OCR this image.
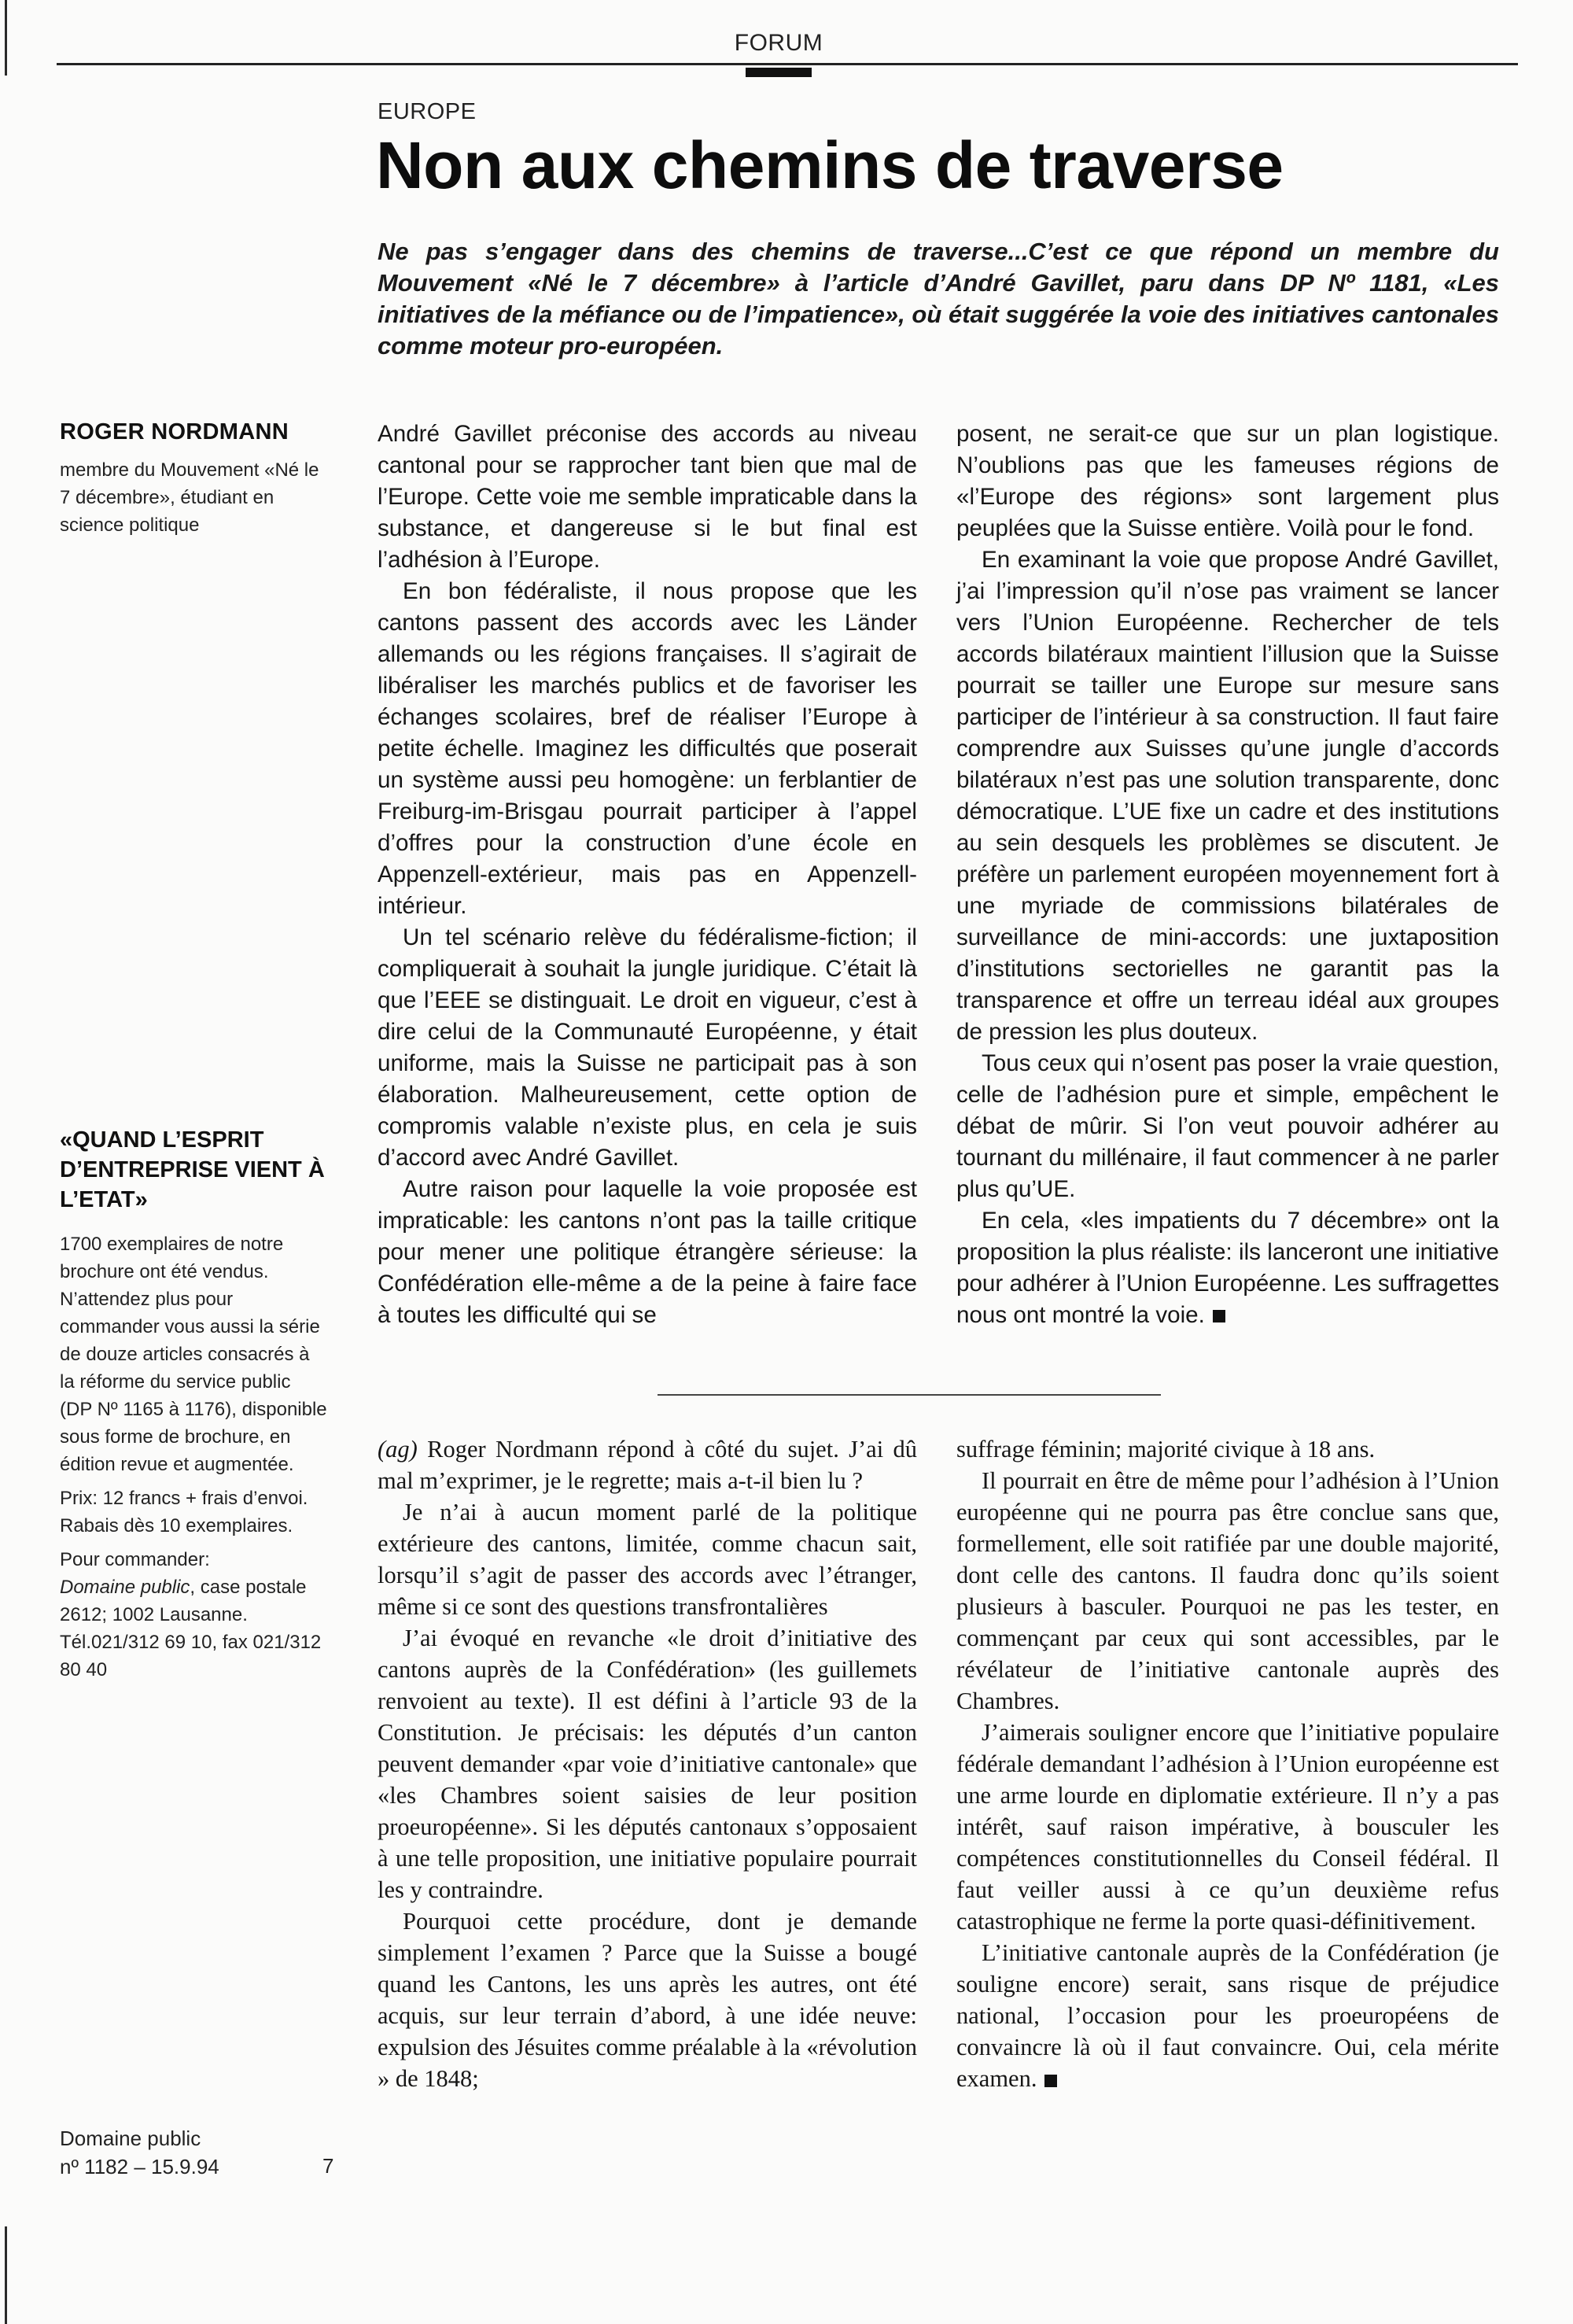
FORUM
EUROPE
Non aux chemins de traverse
Ne pas s’engager dans des chemins de traverse...C’est ce que répond un membre du Mouvement «Né le 7 décembre» à l’article d’André Gavillet, paru dans DP Nº 1181, «Les initiatives de la méfiance ou de l’impatience», où était suggérée la voie des initiatives cantonales comme moteur pro-européen.
ROGER NORDMANN
membre du Mouvement «Né le 7 décembre», étudiant en science politique
«QUAND L’ESPRIT D’ENTREPRISE VIENT À L’ETAT»

1700 exemplaires de notre brochure ont été vendus. N’attendez plus pour commander vous aussi la série de douze articles consacrés à la réforme du service public (DP Nº 1165 à 1176), disponible sous forme de brochure, en édition revue et augmentée.

Prix: 12 francs + frais d’envoi. Rabais dès 10 exemplaires.

Pour commander:
Domaine public, case postale 2612; 1002 Lausanne. Tél.021/312 69 10, fax 021/312 80 40

Domaine public
nº 1182 – 15.9.94	7

André Gavillet préconise des accords au niveau cantonal pour se rapprocher tant bien que mal de l’Europe. Cette voie me semble impraticable dans la substance, et dangereuse si le but final est l’adhésion à l’Europe.

En bon fédéraliste, il nous propose que les cantons passent des accords avec les Länder allemands ou les régions françaises. Il s’agirait de libéraliser les marchés publics et de favoriser les échanges scolaires, bref de réaliser l’Europe à petite échelle. Imaginez les difficultés que poserait un système aussi peu homogène: un ferblantier de Freiburg-im-Brisgau pourrait participer à l’appel d’offres pour la construction d’une école en Appenzell-extérieur, mais pas en Appenzell-intérieur.

Un tel scénario relève du fédéralisme-fiction; il compliquerait à souhait la jungle juridique. C’était là que l’EEE se distinguait. Le droit en vigueur, c’est à dire celui de la Communauté Européenne, y était uniforme, mais la Suisse ne participait pas à son élaboration. Malheureusement, cette option de compromis valable n’existe plus, en cela je suis d’accord avec André Gavillet.

Autre raison pour laquelle la voie proposée est impraticable: les cantons n’ont pas la taille critique pour mener une politique étrangère sérieuse: la Confédération elle-même a de la peine à faire face à toutes les difficulté qui se

posent, ne serait-ce que sur un plan logistique. N’oublions pas que les fameuses régions de «l’Europe des régions» sont largement plus peuplées que la Suisse entière. Voilà pour le fond.

En examinant la voie que propose André Gavillet, j’ai l’impression qu’il n’ose pas vraiment se lancer vers l’Union Européenne. Rechercher de tels accords bilatéraux maintient l’illusion que la Suisse pourrait se tailler une Europe sur mesure sans participer de l’intérieur à sa construction. Il faut faire comprendre aux Suisses qu’une jungle d’accords bilatéraux n’est pas une solution transparente, donc démocratique. L’UE fixe un cadre et des institutions au sein desquels les problèmes se discutent. Je préfère un parlement européen moyennement fort à une myriade de commissions bilatérales de surveillance de mini-accords: une juxtaposition d’institutions sectorielles ne garantit pas la transparence et offre un terreau idéal aux groupes de pression les plus douteux.

Tous ceux qui n’osent pas poser la vraie question, celle de l’adhésion pure et simple, empêchent le débat de mûrir. Si l’on veut pouvoir adhérer au tournant du millénaire, il faut commencer à ne parler plus qu’UE.

En cela, «les impatients du 7 décembre» ont la proposition la plus réaliste: ils lanceront une initiative pour adhérer à l’Union Européenne. Les suffragettes nous ont montré la voie.

(ag) Roger Nordmann répond à côté du sujet. J’ai dû mal m’exprimer, je le regrette; mais a-t-il bien lu ?

Je n’ai à aucun moment parlé de la politique extérieure des cantons, limitée, comme chacun sait, lorsqu’il s’agit de passer des accords avec l’étranger, même si ce sont des questions transfrontalières

J’ai évoqué en revanche «le droit d’initiative des cantons auprès de la Confédération» (les guillemets renvoient au texte). Il est défini à l’article 93 de la Constitution. Je précisais: les députés d’un canton peuvent demander «par voie d’initiative cantonale» que «les Chambres soient saisies de leur position proeuropéenne». Si les députés cantonaux s’opposaient à une telle proposition, une initiative populaire pourrait les y contraindre.

Pourquoi cette procédure, dont je demande simplement l’examen ? Parce que la Suisse a bougé quand les Cantons, les uns après les autres, ont été acquis, sur leur terrain d’abord, à une idée neuve: expulsion des Jésuites comme préalable à la «révolution » de 1848;

suffrage féminin; majorité civique à 18 ans.

Il pourrait en être de même pour l’adhésion à l’Union européenne qui ne pourra pas être conclue sans que, formellement, elle soit ratifiée par une double majorité, dont celle des cantons. Il faudra donc qu’ils soient plusieurs à basculer. Pourquoi ne pas les tester, en commençant par ceux qui sont accessibles, par le révélateur de l’initiative cantonale auprès des Chambres.

J’aimerais souligner encore que l’initiative populaire fédérale demandant l’adhésion à l’Union européenne est une arme lourde en diplomatie extérieure. Il n’y a pas intérêt, sauf raison impérative, à bousculer les compétences constitutionnelles du Conseil fédéral. Il faut veiller aussi à ce qu’un deuxième refus catastrophique ne ferme la porte quasi-définitivement.

L’initiative cantonale auprès de la Confédération (je souligne encore) serait, sans risque de préjudice national, l’occasion pour les proeuropéens de convaincre là où il faut convaincre. Oui, cela mérite examen.
